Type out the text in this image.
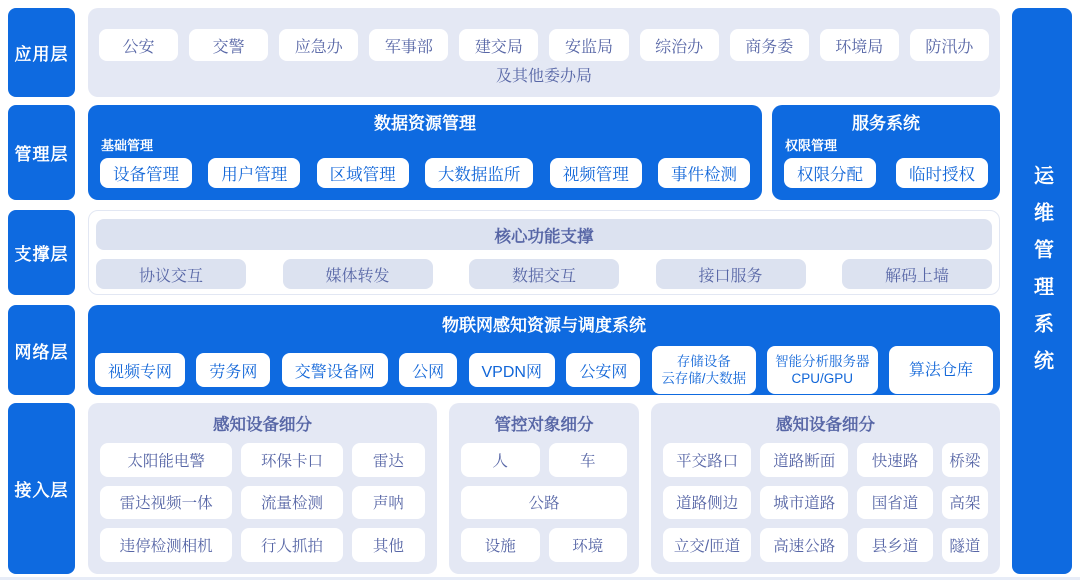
应用层	公安	交警	应急办	军事部	建交局	安监局	综治办	商务委	环境局	防汛办
及其他委办局
管理层
数据资源管理
基础管理
设备管理	用户管理	区域管理	大数据监所	视频管理	事件检测
服务系统
权限管理
权限分配	临时授权
支撑层
核心功能支撑
协议交互	媒体转发	数据交互	接口服务	解码上墙
网络层
物联网感知资源与调度系统
视频专网	劳务网	交警设备网	公网	VPDN网	公安网
存储设备
云存储/大数据
智能分析服务器
CPU/GPU	算法仓库
接入层
感知设备细分
太阳能电警	环保卡口	雷达
雷达视频一体	流量检测	声呐
违停检测相机	行人抓拍	其他
管控对象细分
人	车
公路
设施	环境
感知设备细分
平交路口	道路断面	快速路	桥梁
道路侧边	城市道路	国省道	高架
立交/匝道	高速公路	县乡道	隧道
运维管理系统
